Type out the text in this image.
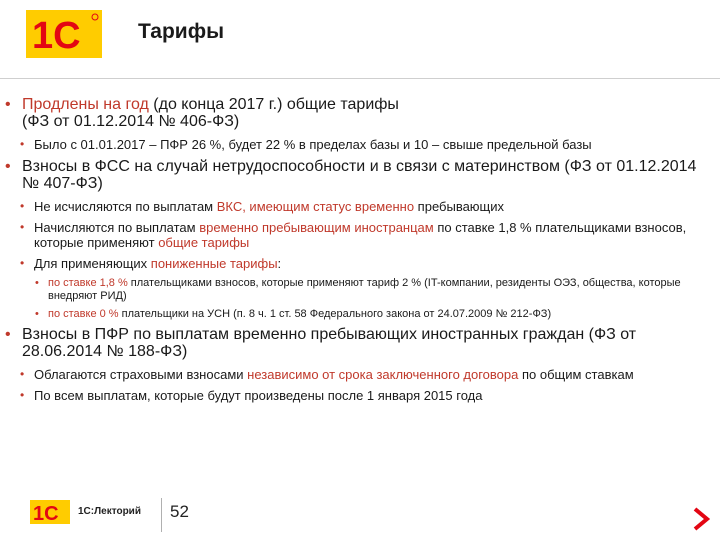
1С	Тарифы
• Продлены на год (до конца 2017 г.) общие тарифы
(ФЗ от 01.12.2014 № 406-ФЗ)
• Было с 01.01.2017 – ПФР 26 %, будет 22 % в пределах базы и 10 – свыше предельной базы
• Взносы в ФСС на случай нетрудоспособности и в связи с материнством (ФЗ от 01.12.2014 № 407-ФЗ)
• Не исчисляются по выплатам ВКС, имеющим статус временно пребывающих
• Начисляются по выплатам временно пребывающим иностранцам по ставке 1,8 % плательщиками взносов, которые применяют общие тарифы
• Для применяющих пониженные тарифы:
• по ставке 1,8 % плательщиками взносов, которые применяют тариф 2 % (IT-компании, резиденты ОЭЗ, общества, которые внедряют РИД)
• по ставке 0 % плательщики на УСН (п. 8 ч. 1 ст. 58 Федерального закона от 24.07.2009 № 212-ФЗ)
• Взносы в ПФР по выплатам временно пребывающих иностранных граждан (ФЗ от 28.06.2014 № 188-ФЗ)
• Облагаются страховыми взносами независимо от срока заключенного договора по общим ставкам
• По всем выплатам, которые будут произведены после 1 января 2015 года
1С 1С:Лекторий 52
